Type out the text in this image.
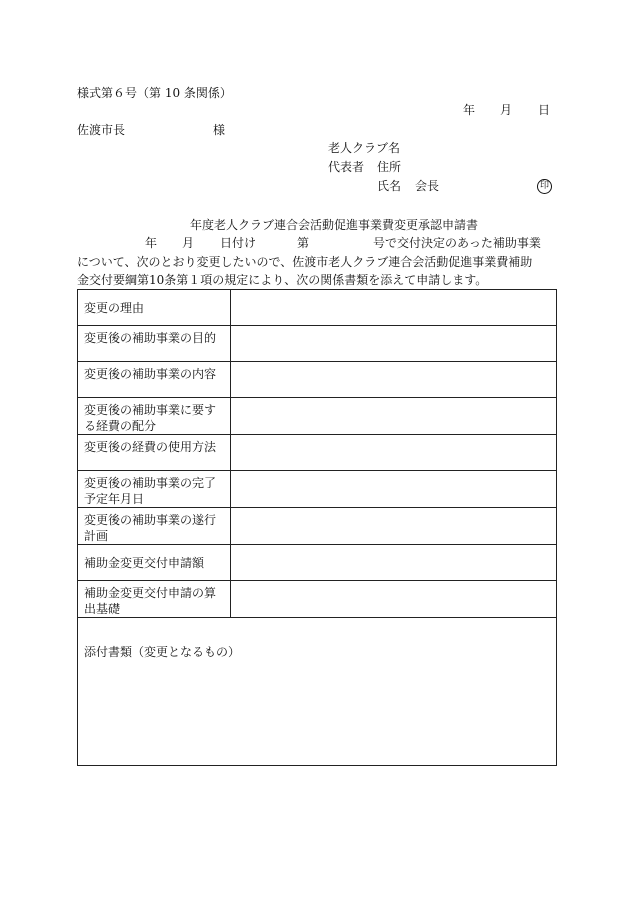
様式第６号（第 10 条関係）
年 月 日
佐渡市長	様
老人クラブ名
代表者 住所
氏名 会長	印
年度老人クラブ連合会活動促進事業費変更承認申請書
年 月 日付け	第	号で交付決定のあった補助事業
について、次のとおり変更したいので、佐渡市老人クラブ連合会活動促進事業費補助
金交付要綱第10条第１項の規定により、次の関係書類を添えて申請します。
変更の理由	
変更後の補助事業の目的	
変更後の補助事業の内容	
変更後の補助事業に要する経費の配分	
変更後の経費の使用方法	
変更後の補助事業の完了予定年月日	
変更後の補助事業の遂行計画	
補助金変更交付申請額	
補助金変更交付申請の算出基礎	
添付書類（変更となるもの）	
